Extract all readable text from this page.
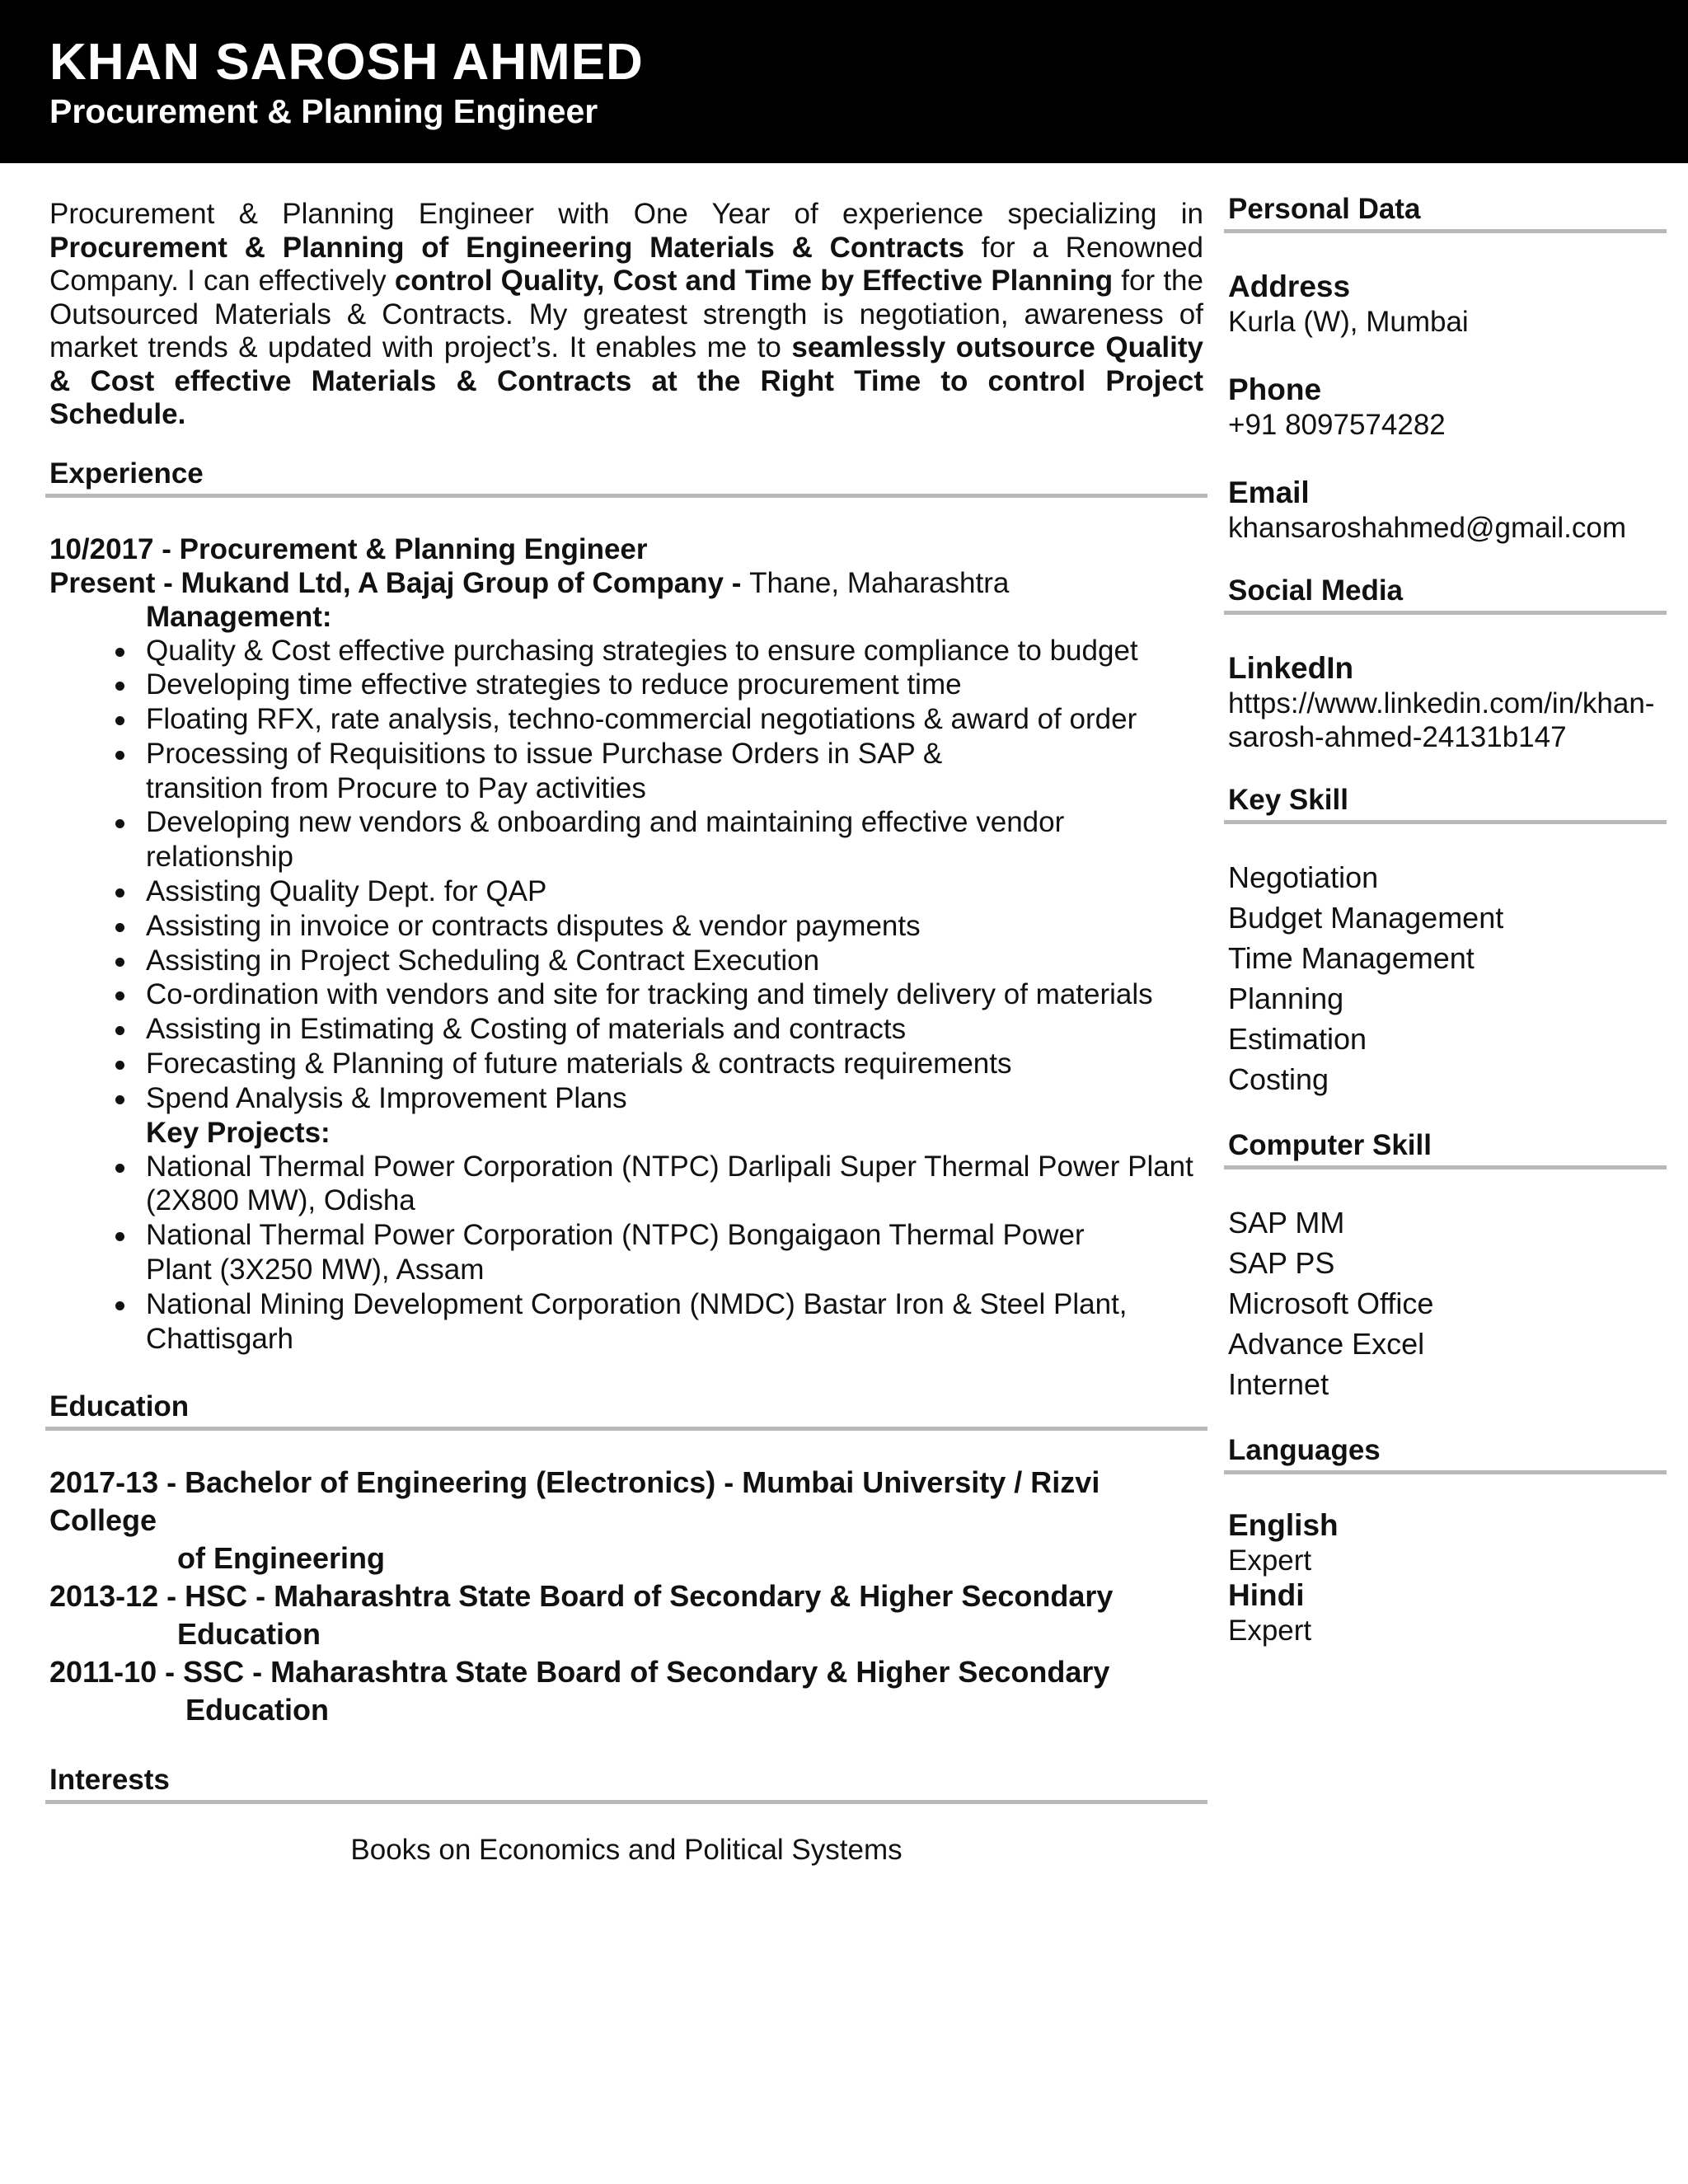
KHAN SAROSH AHMED
Procurement & Planning Engineer

Procurement & Planning Engineer with One Year of experience specializing in Procurement & Planning of Engineering Materials & Contracts for a Renowned Company. I can effectively control Quality, Cost and Time by Effective Planning for the Outsourced Materials & Contracts. My greatest strength is negotiation, awareness of market trends & updated with project’s. It enables me to seamlessly outsource Quality & Cost effective Materials & Contracts at the Right Time to control Project Schedule.

Experience
10/2017 - Procurement & Planning Engineer
Present - Mukand Ltd, A Bajaj Group of Company - Thane, Maharashtra
Management:
Quality & Cost effective purchasing strategies to ensure compliance to budget
Developing time effective strategies to reduce procurement time
Floating RFX, rate analysis, techno-commercial negotiations & award of order
Processing of Requisitions to issue Purchase Orders in SAP & transition from Procure to Pay activities
Developing new vendors & onboarding and maintaining effective vendor relationship
Assisting Quality Dept. for QAP
Assisting in invoice or contracts disputes & vendor payments
Assisting in Project Scheduling & Contract Execution
Co-ordination with vendors and site for tracking and timely delivery of materials
Assisting in Estimating & Costing of materials and contracts
Forecasting & Planning of future materials & contracts requirements
Spend Analysis & Improvement Plans
Key Projects:
National Thermal Power Corporation (NTPC) Darlipali Super Thermal Power Plant (2X800 MW), Odisha
National Thermal Power Corporation (NTPC) Bongaigaon Thermal Power Plant (3X250 MW), Assam
National Mining Development Corporation (NMDC) Bastar Iron & Steel Plant, Chattisgarh
Education
2017-13 - Bachelor of Engineering (Electronics) - Mumbai University / Rizvi College
of Engineering
2013-12 - HSC - Maharashtra State Board of Secondary & Higher Secondary
Education
2011-10 - SSC - Maharashtra State Board of Secondary & Higher Secondary
Education
Interests
Books on Economics and Political Systems
Personal Data
Address
Kurla (W), Mumbai
Phone
+91 8097574282
Email
khansaroshahmed@gmail.com
Social Media
LinkedIn
https://www.linkedin.com/in/khan-
sarosh-ahmed-24131b147
Key Skill
Negotiation
Budget Management
Time Management
Planning
Estimation
Costing
Computer Skill
SAP MM
SAP PS
Microsoft Office
Advance Excel
Internet
Languages
English
Expert
Hindi
Expert
